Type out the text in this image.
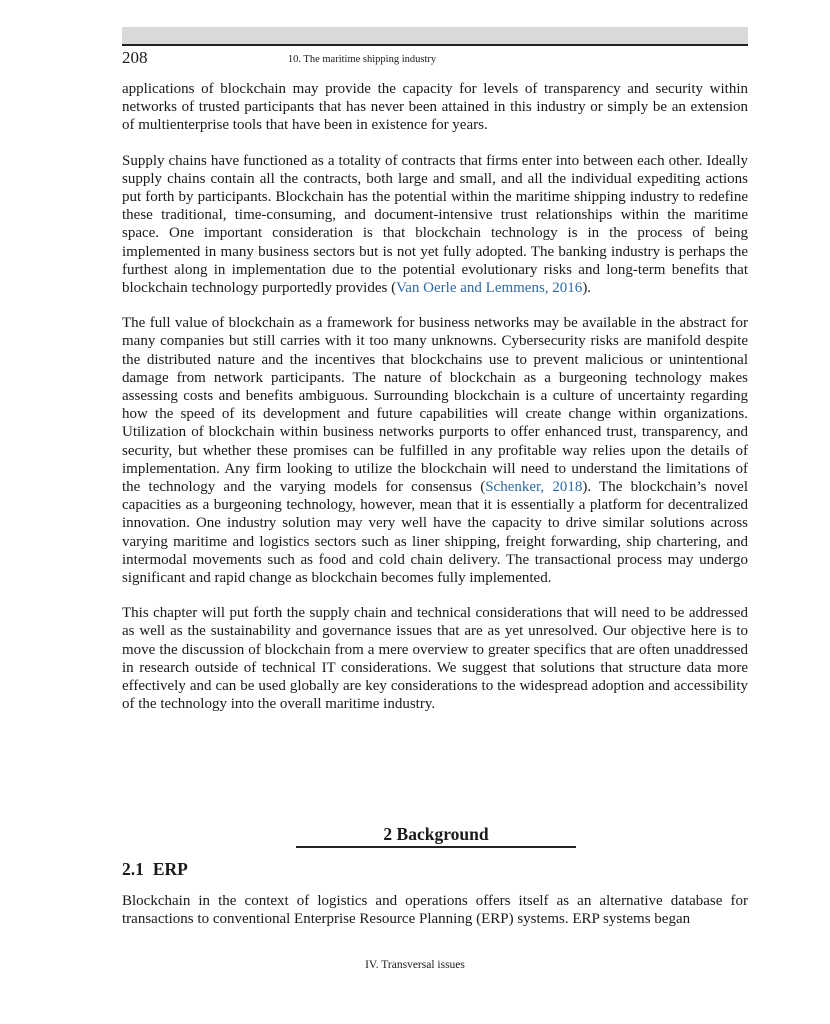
208	10. The maritime shipping industry

applications of blockchain may provide the capacity for levels of transparency and security within networks of trusted participants that has never been attained in this industry or simply be an extension of multienterprise tools that have been in existence for years.

Supply chains have functioned as a totality of contracts that firms enter into between each other. Ideally supply chains contain all the contracts, both large and small, and all the individual expediting actions put forth by participants. Blockchain has the potential within the maritime shipping industry to redefine these traditional, time-consuming, and document-intensive trust relationships within the maritime space. One important consideration is that blockchain technology is in the process of being implemented in many business sectors but is not yet fully adopted. The banking industry is perhaps the furthest along in implementation due to the potential evolutionary risks and long-term benefits that blockchain technology purportedly provides (Van Oerle and Lemmens, 2016).

The full value of blockchain as a framework for business networks may be available in the abstract for many companies but still carries with it too many unknowns. Cybersecurity risks are manifold despite the distributed nature and the incentives that blockchains use to prevent malicious or unintentional damage from network participants. The nature of blockchain as a burgeoning technology makes assessing costs and benefits ambiguous. Surrounding blockchain is a culture of uncertainty regarding how the speed of its development and future capabilities will create change within organizations. Utilization of blockchain within business networks purports to offer enhanced trust, transparency, and security, but whether these promises can be fulfilled in any profitable way relies upon the details of implementation. Any firm looking to utilize the blockchain will need to understand the limitations of the technology and the varying models for consensus (Schenker, 2018). The blockchain’s novel capacities as a burgeoning technology, however, mean that it is essentially a platform for decentralized innovation. One industry solution may very well have the capacity to drive similar solutions across varying maritime and logistics sectors such as liner shipping, freight forwarding, ship chartering, and intermodal movements such as food and cold chain delivery. The transactional process may undergo significant and rapid change as blockchain becomes fully implemented.

This chapter will put forth the supply chain and technical considerations that will need to be addressed as well as the sustainability and governance issues that are as yet unresolved. Our objective here is to move the discussion of blockchain from a mere overview to greater specifics that are often unaddressed in research outside of technical IT considerations. We suggest that solutions that structure data more effectively and can be used globally are key considerations to the widespread adoption and accessibility of the technology into the overall maritime industry.

2 Background
2.1 ERP

Blockchain in the context of logistics and operations offers itself as an alternative database for transactions to conventional Enterprise Resource Planning (ERP) systems. ERP systems began

IV. Transversal issues
